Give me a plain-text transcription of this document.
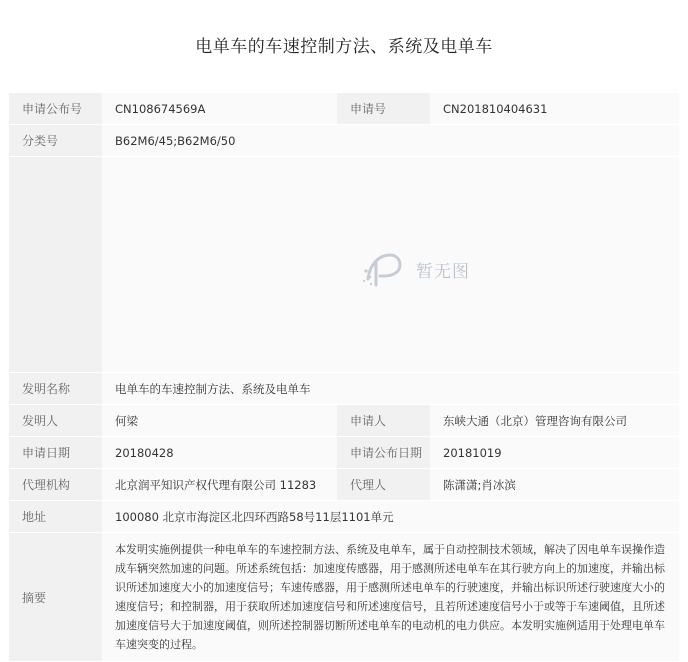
电单车的车速控制方法、系统及电单车
申请公布号	CN108674569A	申请号	CN201810404631
分类号	B62M6/45;B62M6/50		

	暂无图		

发明名称	电单车的车速控制方法、系统及电单车		
发明人	何梁	申请人	东峡大通（北京）管理咨询有限公司
申请日期	20180428	申请公布日期	20181019
代理机构	北京润平知识产权代理有限公司 11283	代理人	陈潇潇;肖冰滨
地址	100080 北京市海淀区北四环西路58号11层1101单元		
摘要	本发明实施例提供一种电单车的车速控制方法、系统及电单车，属于自动控制技术领域，解决了因电单车误操作造成车辆突然加速的问题。所述系统包括：加速度传感器，用于感测所述电单车在其行驶方向上的加速度，并输出标识所述加速度大小的加速度信号；车速传感器，用于感测所述电单车的行驶速度，并输出标识所述行驶速度大小的速度信号；和控制器，用于获取所述加速度信号和所述速度信号，且若所述速度信号小于或等于车速阈值，且所述加速度信号大于加速度阈值，则所述控制器切断所述电单车的电动机的电力供应。本发明实施例适用于处理电单车车速突变的过程。		
